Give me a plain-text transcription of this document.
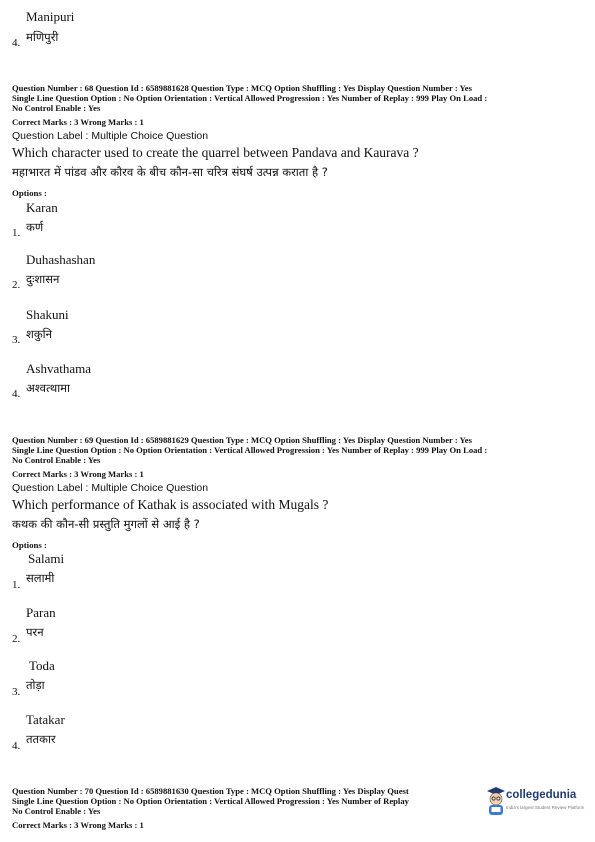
Manipuri
4. मणिपुरी
Question Number : 68 Question Id : 6589881628 Question Type : MCQ Option Shuffling : Yes Display Question Number : Yes
Single Line Question Option : No Option Orientation : Vertical Allowed Progression : Yes Number of Replay : 999 Play On Load :
No Control Enable : Yes
Correct Marks : 3 Wrong Marks : 1
Question Label : Multiple Choice Question
Which character used to create the quarrel between Pandava and Kaurava ?
महाभारत में पांडव और कौरव के बीच कौन-सा चरित्र संघर्ष उत्पन्न कराता है ?
Options :
Karan
1. कर्ण
Duhashashan
2. दुःशासन
Shakuni
3. शकुनि
Ashvathama
4. अश्वत्थामा
Question Number : 69 Question Id : 6589881629 Question Type : MCQ Option Shuffling : Yes Display Question Number : Yes
Single Line Question Option : No Option Orientation : Vertical Allowed Progression : Yes Number of Replay : 999 Play On Load :
No Control Enable : Yes
Correct Marks : 3 Wrong Marks : 1
Question Label : Multiple Choice Question
Which performance of Kathak is associated with Mugals ?
कथक की कौन-सी प्रस्तुति मुगलों से आई है ?
Options :
Salami
1. सलामी
Paran
2. परन
Toda
3. तोड़ा
Tatakar
4. ततकार
Question Number : 70 Question Id : 6589881630 Question Type : MCQ Option Shuffling : Yes Display Quest
Single Line Question Option : No Option Orientation : Vertical Allowed Progression : Yes Number of Replay
No Control Enable : Yes
Correct Marks : 3 Wrong Marks : 1
collegedunia
India's largest Student Review Platform
